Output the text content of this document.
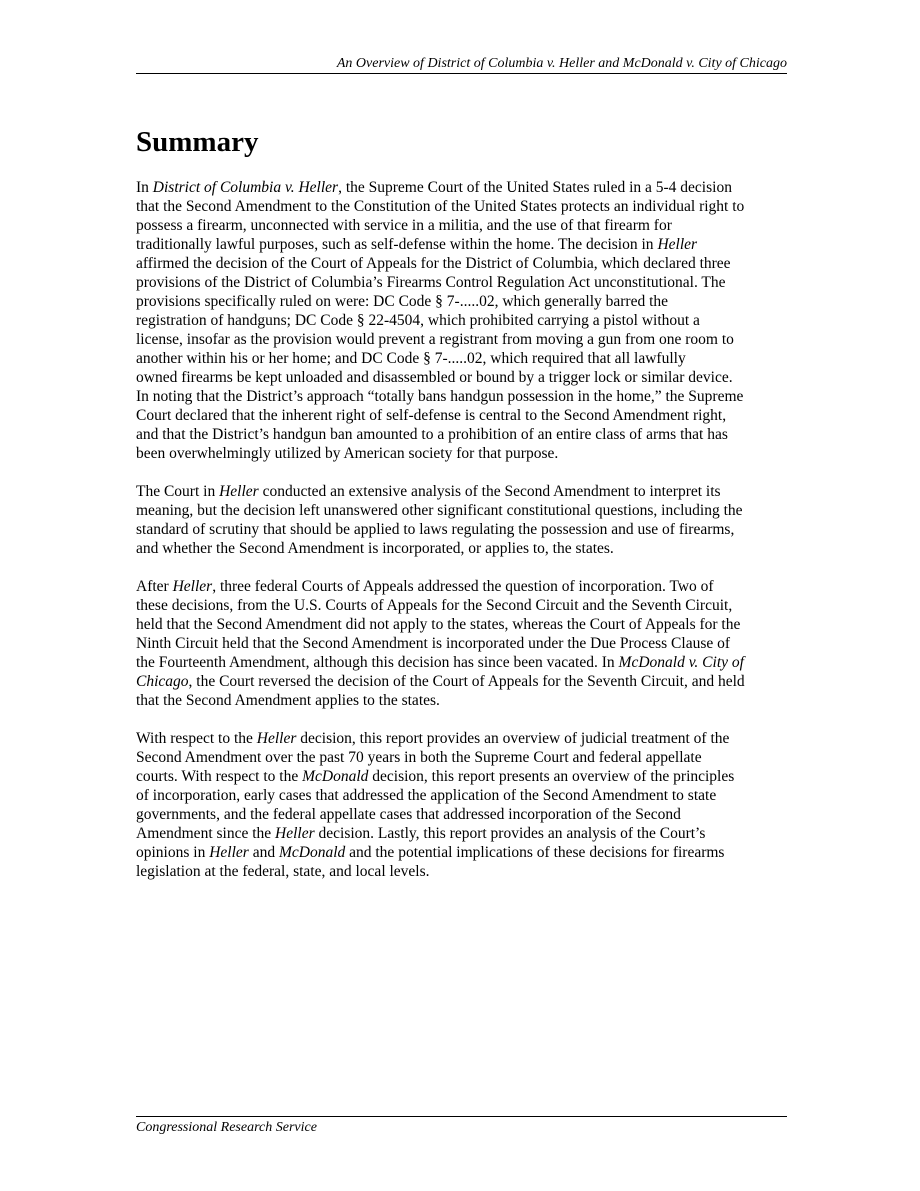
An Overview of District of Columbia v. Heller and McDonald v. City of Chicago
Summary

In District of Columbia v. Heller, the Supreme Court of the United States ruled in a 5-4 decision
that the Second Amendment to the Constitution of the United States protects an individual right to
possess a firearm, unconnected with service in a militia, and the use of that firearm for
traditionally lawful purposes, such as self-defense within the home. The decision in Heller
affirmed the decision of the Court of Appeals for the District of Columbia, which declared three
provisions of the District of Columbia’s Firearms Control Regulation Act unconstitutional. The
provisions specifically ruled on were: DC Code § 7-.....02, which generally barred the
registration of handguns; DC Code § 22-4504, which prohibited carrying a pistol without a
license, insofar as the provision would prevent a registrant from moving a gun from one room to
another within his or her home; and DC Code § 7-.....02, which required that all lawfully
owned firearms be kept unloaded and disassembled or bound by a trigger lock or similar device.
In noting that the District’s approach “totally bans handgun possession in the home,” the Supreme
Court declared that the inherent right of self-defense is central to the Second Amendment right,
and that the District’s handgun ban amounted to a prohibition of an entire class of arms that has
been overwhelmingly utilized by American society for that purpose.

The Court in Heller conducted an extensive analysis of the Second Amendment to interpret its
meaning, but the decision left unanswered other significant constitutional questions, including the
standard of scrutiny that should be applied to laws regulating the possession and use of firearms,
and whether the Second Amendment is incorporated, or applies to, the states.

After Heller, three federal Courts of Appeals addressed the question of incorporation. Two of
these decisions, from the U.S. Courts of Appeals for the Second Circuit and the Seventh Circuit,
held that the Second Amendment did not apply to the states, whereas the Court of Appeals for the
Ninth Circuit held that the Second Amendment is incorporated under the Due Process Clause of
the Fourteenth Amendment, although this decision has since been vacated. In McDonald v. City of
Chicago, the Court reversed the decision of the Court of Appeals for the Seventh Circuit, and held
that the Second Amendment applies to the states.

With respect to the Heller decision, this report provides an overview of judicial treatment of the
Second Amendment over the past 70 years in both the Supreme Court and federal appellate
courts. With respect to the McDonald decision, this report presents an overview of the principles
of incorporation, early cases that addressed the application of the Second Amendment to state
governments, and the federal appellate cases that addressed incorporation of the Second
Amendment since the Heller decision. Lastly, this report provides an analysis of the Court’s
opinions in Heller and McDonald and the potential implications of these decisions for firearms
legislation at the federal, state, and local levels.

Congressional Research Service
